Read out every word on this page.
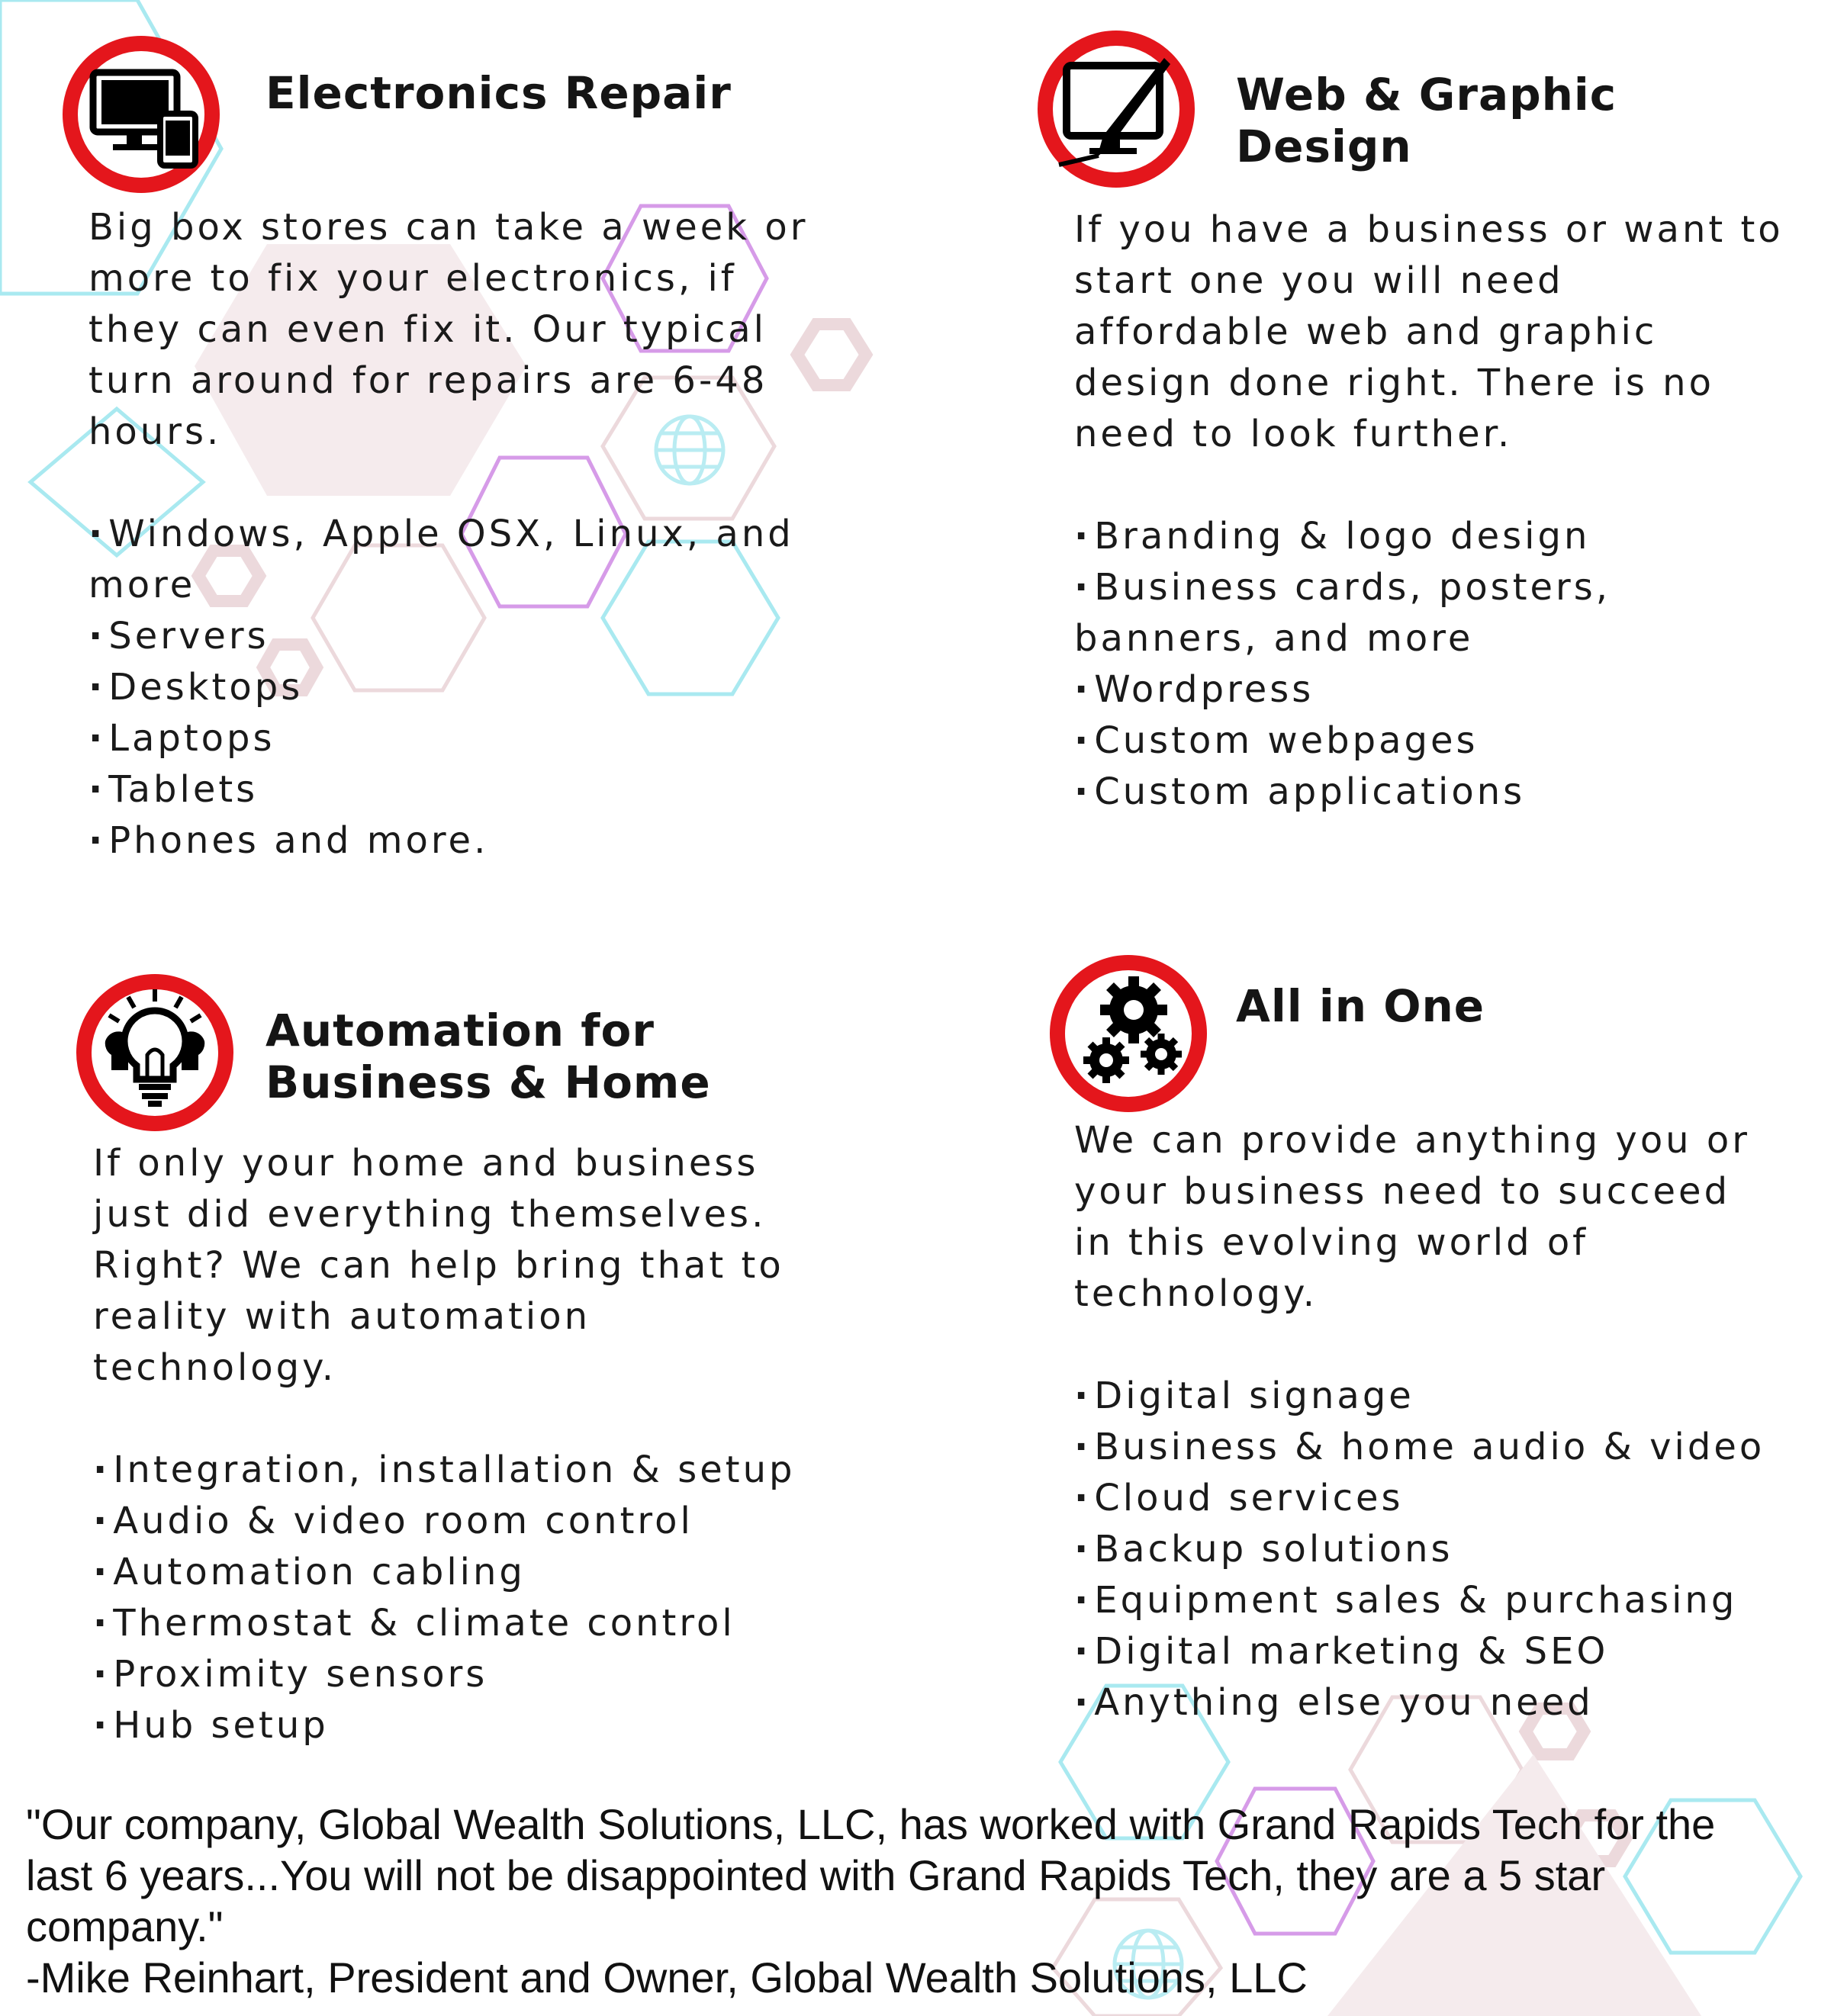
Electronics Repair

Big box stores can take a week or

more to fix your electronics, if

they can even fix it. Our typical

turn around for repairs are 6-48

hours.

· Windows, Apple OSX, Linux, and

more

· Servers
· Desktops
· Laptops
· Tablets
· Phones and more.
Web & Graphic
Design

If you have a business or want to

start one you will need

affordable web and graphic

design done right. There is no

need to look further.

· Branding & logo design
· Business cards, posters,

banners, and more

· Wordpress
· Custom webpages
· Custom applications
Automation for
Business & Home

If only your home and business

just did everything themselves.

Right? We can help bring that to

reality with automation

technology.

· Integration, installation & setup
· Audio & video room control
· Automation cabling
· Thermostat & climate control
· Proximity sensors
· Hub setup
All in One

We can provide anything you or

your business need to succeed

in this evolving world of

technology.

· Digital signage
· Business & home audio & video
· Cloud services
· Backup solutions
· Equipment sales & purchasing
· Digital marketing & SEO
· Anything else you need

"Our company, Global Wealth Solutions, LLC, has worked with Grand Rapids Tech for the

last 6 years...You will not be disappointed with Grand Rapids Tech, they are a 5 star

company."

-Mike Reinhart, President and Owner, Global Wealth Solutions, LLC
